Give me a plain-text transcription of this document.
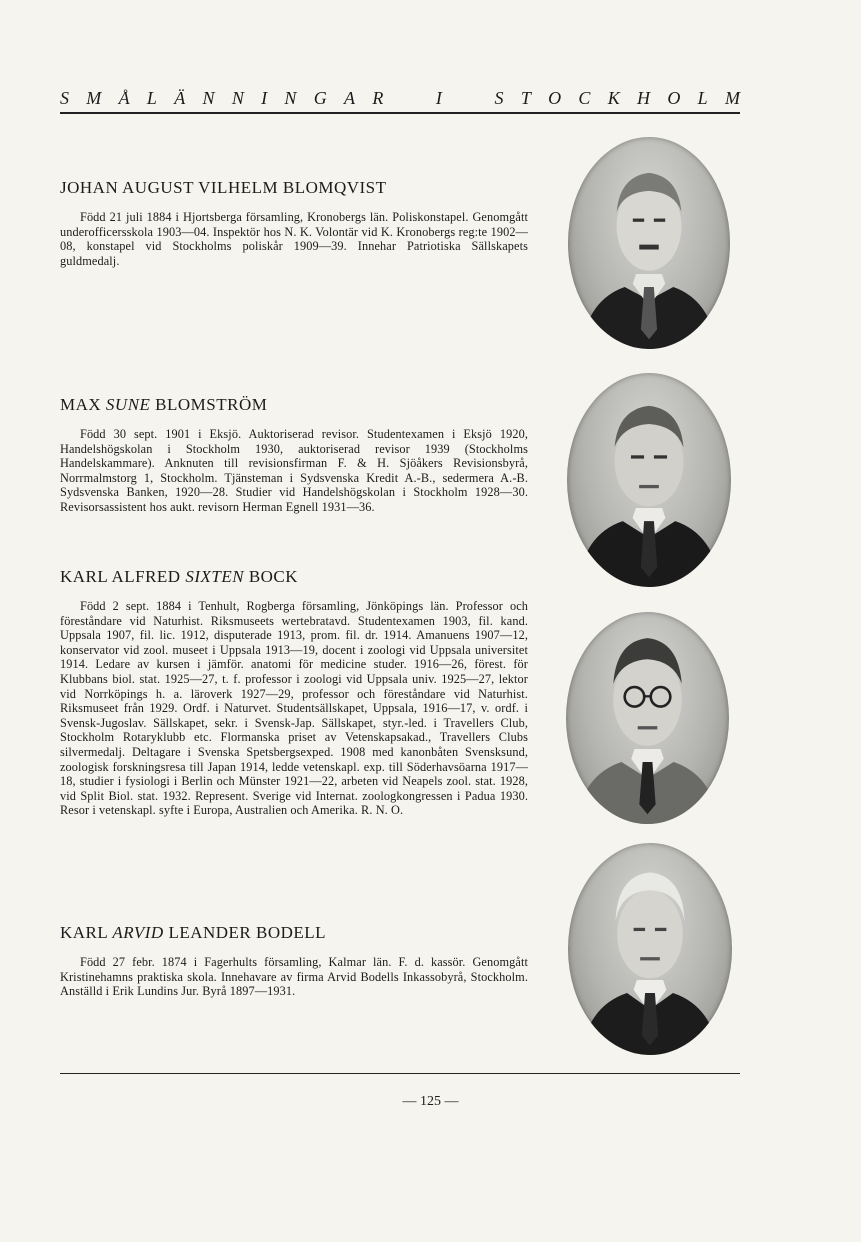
S M Å L Ä N N I N G A R	I	S T O C K H O L M
JOHAN AUGUST VILHELM BLOMQVIST

Född 21 juli 1884 i Hjortsberga församling, Kronobergs län. Poliskonstapel. Genomgått underofficersskola 1903—04. Inspektör hos N. K. Volontär vid K. Kronobergs reg:te 1902—08, konstapel vid Stockholms poliskår 1909—39. Innehar Patriotiska Sällskapets guldmedalj.

MAX SUNE BLOMSTRÖM

Född 30 sept. 1901 i Eksjö. Auktoriserad revisor. Studentexamen i Eksjö 1920, Handelshögskolan i Stockholm 1930, auktoriserad revisor 1939 (Stockholms Handelskammare). Anknuten till revisionsfirman F. & H. Sjöåkers Revisionsbyrå, Norrmalmstorg 1, Stockholm. Tjänsteman i Sydsvenska Kredit A.-B., sedermera A.-B. Sydsvenska Banken, 1920—28. Studier vid Handelshögskolan i Stockholm 1928—30. Revisorsassistent hos aukt. revisorn Herman Egnell 1931—36.

KARL ALFRED SIXTEN BOCK

Född 2 sept. 1884 i Tenhult, Rogberga församling, Jönköpings län. Professor och föreståndare vid Naturhist. Riksmuseets wertebratavd. Studentexamen 1903, fil. kand. Uppsala 1907, fil. lic. 1912, disputerade 1913, prom. fil. dr. 1914. Amanuens 1907—12, konservator vid zool. museet i Uppsala 1913—19, docent i zoologi vid Uppsala universitet 1914. Ledare av kursen i jämför. anatomi för medicine studer. 1916—26, förest. för Klubbans biol. stat. 1925—27, t. f. professor i zoologi vid Uppsala univ. 1925—27, lektor vid Norrköpings h. a. läroverk 1927—29, professor och föreståndare vid Naturhist. Riksmuseet från 1929. Ordf. i Naturvet. Studentsällskapet, Uppsala, 1916—17, v. ordf. i Svensk-Jugoslav. Sällskapet, sekr. i Svensk-Jap. Sällskapet, styr.-led. i Travellers Club, Stockholm Rotaryklubb etc. Flormanska priset av Vetenskapsakad., Travellers Clubs silvermedalj. Deltagare i Svenska Spetsbergsexped. 1908 med kanonbåten Svensksund, zoologisk forskningsresa till Japan 1914, ledde vetenskapl. exp. till Söderhavsöarna 1917—18, studier i fysiologi i Berlin och Münster 1921—22, arbeten vid Neapels zool. stat. 1928, vid Split Biol. stat. 1932. Represent. Sverige vid Internat. zoologkongressen i Padua 1930. Resor i vetenskapl. syfte i Europa, Australien och Amerika. R. N. O.

KARL ARVID LEANDER BODELL

Född 27 febr. 1874 i Fagerhults församling, Kalmar län. F. d. kassör. Genomgått Kristinehamns praktiska skola. Innehavare av firma Arvid Bodells Inkassobyrå, Stockholm. Anställd i Erik Lundins Jur. Byrå 1897—1931.

— 125 —
